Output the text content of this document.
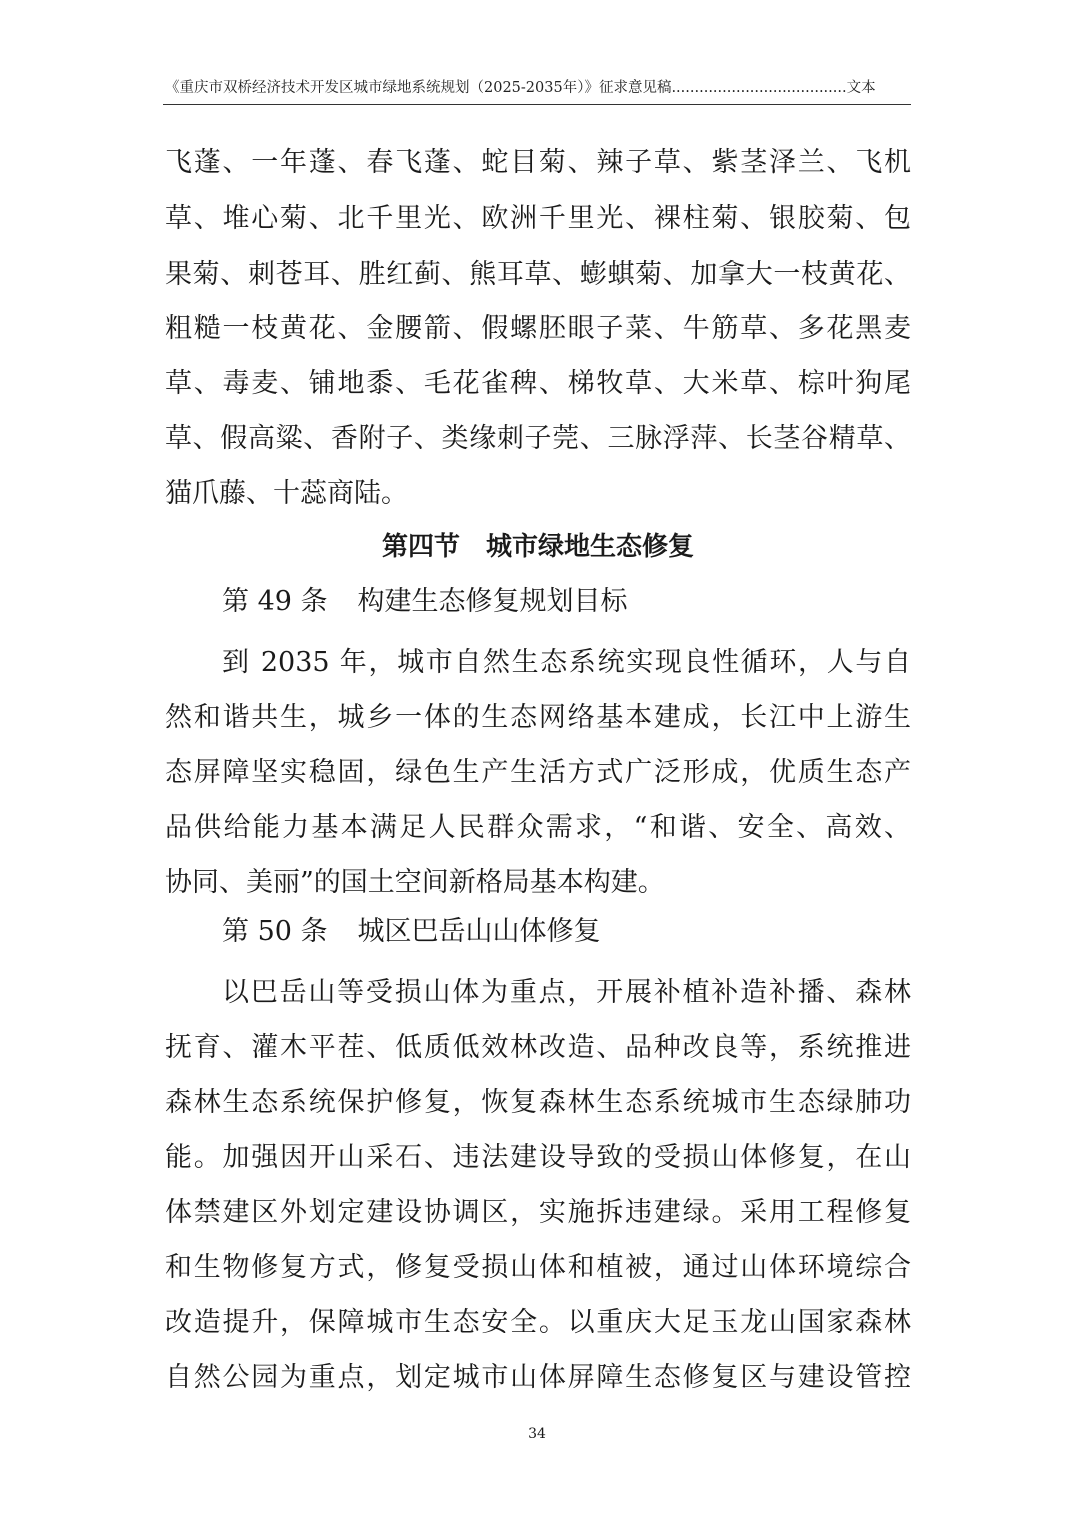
《重庆市双桥经济技术开发区城市绿地系统规划（2025-2035年）》征求意见稿......................................文本
飞蓬、一年蓬、春飞蓬、蛇目菊、辣子草、紫茎泽兰、飞机
草、堆心菊、北千里光、欧洲千里光、裸柱菊、银胶菊、包
果菊、刺苍耳、胜红蓟、熊耳草、蟛蜞菊、加拿大一枝黄花、
粗糙一枝黄花、金腰箭、假螺胚眼子菜、牛筋草、多花黑麦
草、毒麦、铺地黍、毛花雀稗、梯牧草、大米草、棕叶狗尾
草、假高粱、香附子、类缘刺子莞、三脉浮萍、长茎谷精草、
猫爪藤、十蕊商陆。
第四节　城市绿地生态修复
第 49 条 构建生态修复规划目标
到 2035 年，城市自然生态系统实现良性循环，人与自
然和谐共生，城乡一体的生态网络基本建成，长江中上游生
态屏障坚实稳固，绿色生产生活方式广泛形成，优质生态产
品供给能力基本满足人民群众需求，“和谐、安全、高效、
协同、美丽”的国土空间新格局基本构建。
第 50 条 城区巴岳山山体修复
以巴岳山等受损山体为重点，开展补植补造补播、森林
抚育、灌木平茬、低质低效林改造、品种改良等，系统推进
森林生态系统保护修复，恢复森林生态系统城市生态绿肺功
能。加强因开山采石、违法建设导致的受损山体修复，在山
体禁建区外划定建设协调区，实施拆违建绿。采用工程修复
和生物修复方式，修复受损山体和植被，通过山体环境综合
改造提升，保障城市生态安全。以重庆大足玉龙山国家森林
自然公园为重点，划定城市山体屏障生态修复区与建设管控
34
